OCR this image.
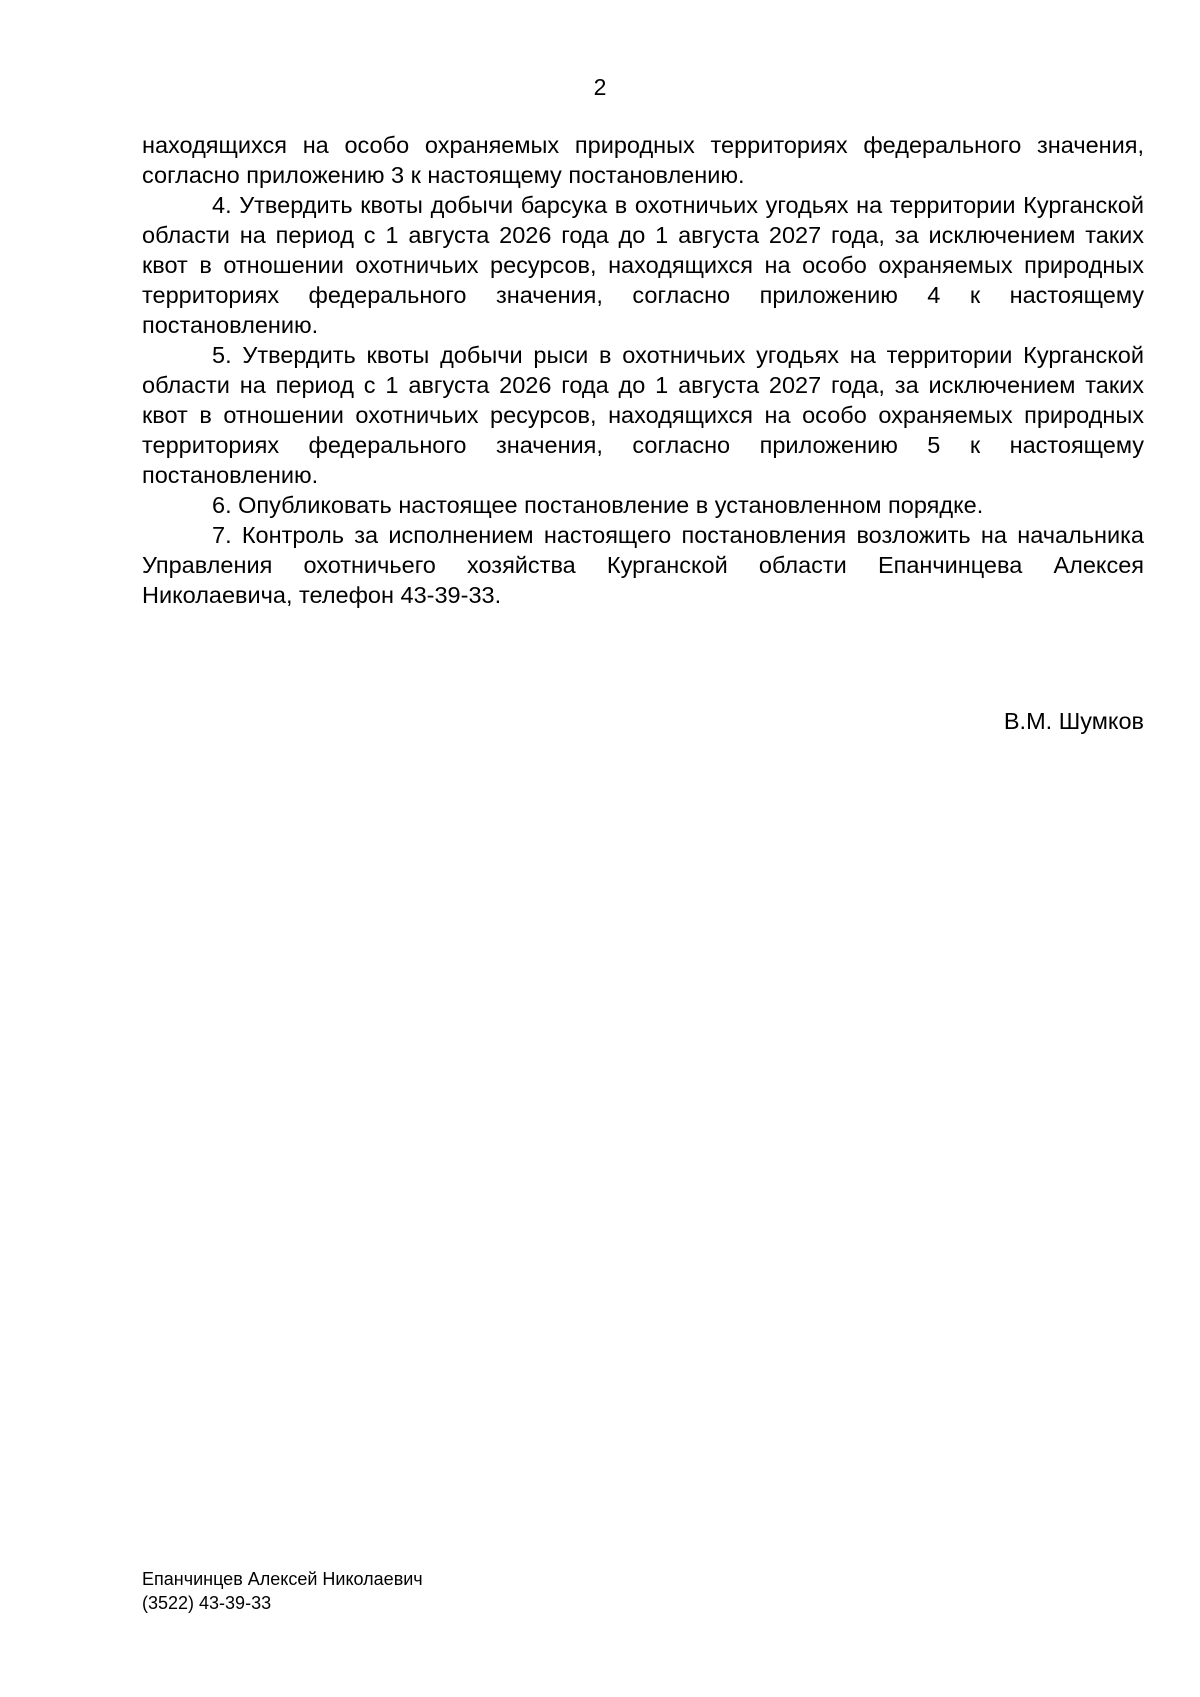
2

находящихся на особо охраняемых природных территориях федерального значения, согласно приложению 3 к настоящему постановлению.

4. Утвердить квоты добычи барсука в охотничьих угодьях на территории Курганской области на период с 1 августа 2026 года до 1 августа 2027 года, за исключением таких квот в отношении охотничьих ресурсов, находящихся на особо охраняемых природных территориях федерального значения, согласно приложению 4 к настоящему постановлению.

5. Утвердить квоты добычи рыси в охотничьих угодьях на территории Курганской области на период с 1 августа 2026 года до 1 августа 2027 года, за исключением таких квот в отношении охотничьих ресурсов, находящихся на особо охраняемых природных территориях федерального значения, согласно приложению 5 к настоящему постановлению.

6. Опубликовать настоящее постановление в установленном порядке.

7. Контроль за исполнением настоящего постановления возложить на начальника Управления охотничьего хозяйства Курганской области Епанчинцева Алексея Николаевича, телефон 43-39-33.

В.М. Шумков
Епанчинцев Алексей Николаевич
(3522) 43-39-33
